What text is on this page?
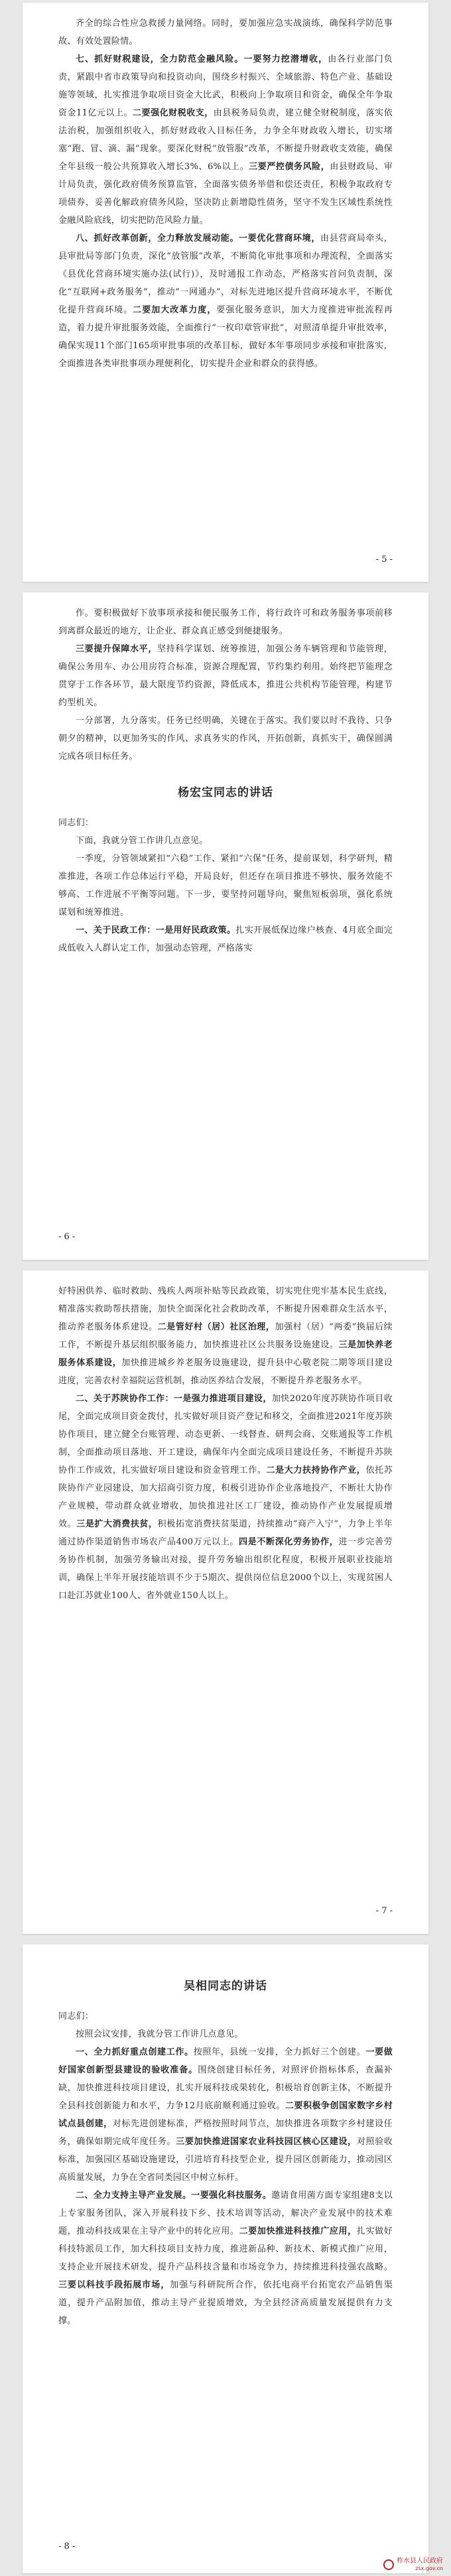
齐全的综合性应急救援力量网络。同时，要加强应急实战演练，确保科学防范事故、有效处置险情。

七、抓好财税建设，全力防范金融风险。一要努力挖潜增收，由各行业部门负责，紧跟中省市政策导向和投资动向，围绕乡村振兴、全域旅游、特色产业、基础设施等领域，扎实推进争取项目资金大比武，积极向上争取项目和资金，确保全年争取资金11亿元以上。二要强化财税收支，由县税务局负责，建立健全财税制度，落实依法治税，加强组织收入，抓好财政收入目标任务，力争全年财政收入增长，切实堵塞“跑、冒、滴、漏”现象。要深化财税“放管服”改革，不断提升财政收支效能，确保全年县级一般公共预算收入增长3%、6%以上。三要严控债务风险，由县财政局、审计局负责，强化政府债务预算监管，全面落实债务举借和偿还责任，积极争取政府专项债券，妥善化解政府债务风险，坚决防止新增隐性债务，坚守不发生区域性系统性金融风险底线，切实把防范风险力量。

八、抓好改革创新，全力释放发展动能。一要优化营商环境，由县营商局牵头，县审批局等部门负责，深化“放管服”改革，不断简化审批事项和办理流程，全面落实《县优化营商环境实施办法(试行)》，及时通报工作动态，严格落实首问负责制，深化“互联网+政务服务”，推动“一网通办”，对标先进地区提升营商环境水平，不断优化提升营商环境。二要加大改革力度，要强化服务意识，加大力度推进审批流程再造，着力提升审批服务效能，全面推行“一枚印章管审批”，对照清单提升审批效率，确保实现11个部门165项审批事项的改革目标，做好本年事项同步承接和审批落实，全面推进各类审批事项办理便利化，切实提升企业和群众的获得感。

- 5 -

作。要积极做好下放事项承接和便民服务工作，将行政许可和政务服务事项前移到离群众最近的地方，让企业、群众真正感受到便捷服务。

三要提升保障水平，坚持科学谋划、统筹推进，加强公务车辆管理和节能管理，确保公务用车、办公用房符合标准，资源合理配置，节约集约利用。始终把节能理念贯穿于工作各环节，最大限度节约资源，降低成本，推进公共机构节能管理，构建节约型机关。

一分部署，九分落实。任务已经明确，关键在于落实。我们要以时不我待、只争朝夕的精神，以更加务实的作风、求真务实的作风，开拓创新，真抓实干，确保圆满完成各项目标任务。

杨宏宝同志的讲话

同志们：

下面，我就分管工作讲几点意见。

一季度，分管领域紧扣“六稳”工作、紧扣“六保”任务，提前谋划，科学研判，精准推进，各项工作总体运行平稳，开局良好，但还存在项目推进不够快、服务效能不够高、工作进展不平衡等问题。下一步，要坚持问题导向，聚焦短板弱项，强化系统谋划和统筹推进。

一、关于民政工作：一是用好民政政策。扎实开展低保边缘户核查、4月底全面完成低收入人群认定工作，加强动态管理，严格落实

- 6 -

好特困供养、临时救助、残疾人两项补贴等民政政策，切实兜住兜牢基本民生底线，精准落实救助帮扶措施，加快全面深化社会救助改革，不断提升困难群众生活水平，推动养老服务体系建设。二是管好村（居）社区治理，加强村（居）“两委”换届后续工作，不断提升基层组织服务能力，加快推进社区公共服务设施建设。三是加快养老服务体系建设，加快推进城乡养老服务设施建设，提升县中心敬老院二期等项目建设进度，完善农村幸福院运营机制，推动医养结合发展，不断提升养老服务水平。

二、关于苏陕协作工作：一是强力推进项目建设，加快2020年度苏陕协作项目收尾，全面完成项目资金拨付，扎实做好项目资产登记和移交，全面推进2021年度苏陕协作项目，建立健全台账管理、动态更新、一线督查、研判会商、交账通报等工作机制，全面推动项目落地、开工建设，确保年内全面完成项目建设任务，不断提升苏陕协作工作成效，扎实做好项目建设和资金管理工作。二是大力扶持协作产业，依托苏陕协作产业园建设，加大招商引资力度，积极引进协作企业落地投产，不断壮大协作产业规模，带动群众就业增收，加快推进社区工厂建设，推动协作产业发展提质增效。三是扩大消费扶贫，积极拓宽消费扶贫渠道，持续推动“商产入宁”，力争上半年通过协作渠道销售市场农产品400万元以上。四是不断深化劳务协作，进一步完善劳务协作机制，加强劳务输出对接，提升劳务输出组织化程度，积极开展职业技能培训，确保上半年开展技能培训不少于5期次、提供岗位信息2000个以上，实现贫困人口赴江苏就业100人、省外就业150人以上。

- 7 -
吴相同志的讲话

同志们：

按照会议安排，我就分管工作讲几点意见。

一、全力抓好重点创建工作。按照年，县统一安排，全力抓好三个创建。一要做好国家创新型县建设的验收准备。围绕创建目标任务，对照评价指标体系，查漏补缺，加快推进科技项目建设，扎实开展科技成果转化，积极培育创新主体，不断提升全县科技创新能力和水平，力争12月底前顺利通过验收。二要积极争创国家数字乡村试点县创建，对标先进创建标准，严格按照时间节点，加快推进各项数字乡村建设任务，确保如期完成年度任务。三要加快推进国家农业科技园区核心区建设，对照验收标准，加强园区基础设施建设，引进培育科技型企业，提升园区创新能力，推动园区高质量发展，力争在全省同类园区中树立标杆。

二、全力支持主导产业发展。一要强化科技服务。邀请食用菌方面专家组建8支以上专家服务团队，深入开展科技下乡、技术培训等活动，解决产业发展中的技术难题，推动科技成果在主导产业中的转化应用。二要加快推进科技推广应用，扎实做好科技特派员工作，加大科技项目支持力度，推进新品种、新技术、新模式推广应用，支持企业开展技术研发，提升产品科技含量和市场竞争力，持续推进科技强农战略。三要以科技手段拓展市场，加强与科研院所合作，依托电商平台拓宽农产品销售渠道，提升产品附加值，推动主导产业提质增效，为全县经济高质量发展提供有力支撑。

- 8 -
柞水县人民政府
zsx.gov.cn
